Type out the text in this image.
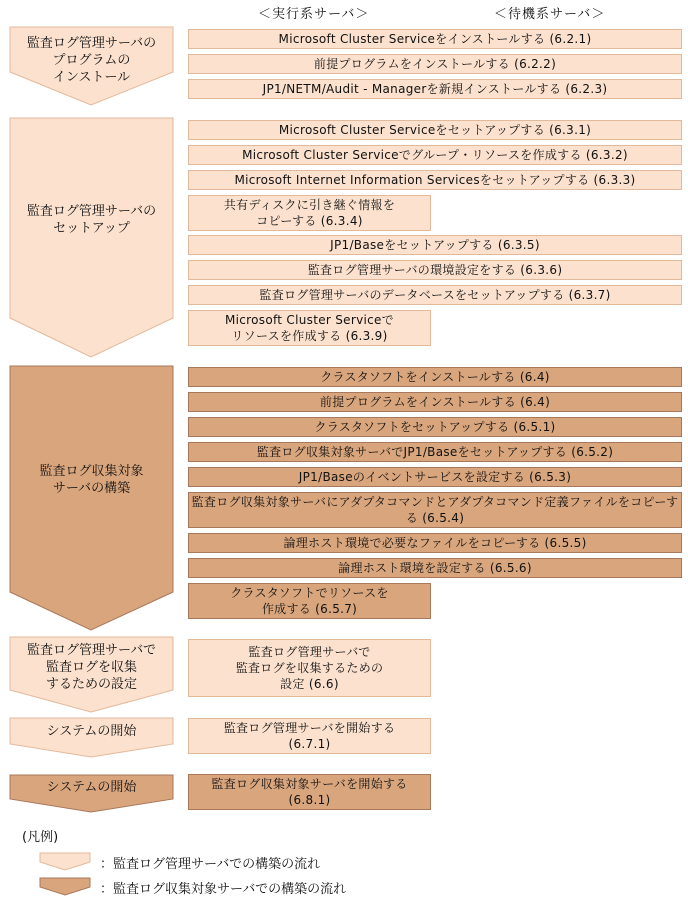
＜実行系サーバ＞	＜待機系サーバ＞
監査ログ管理サーバの
プログラムの
インストール
監査ログ管理サーバの
セットアップ
監査ログ収集対象
サーバの構築
監査ログ管理サーバで
監査ログを収集
するための設定
システムの開始
システムの開始
Microsoft Cluster Serviceをインストールする (6.2.1)
前提プログラムをインストールする (6.2.2)
JP1/NETM/Audit - Managerを新規インストールする (6.2.3)
Microsoft Cluster Serviceをセットアップする (6.3.1)
Microsoft Cluster Serviceでグループ・リソースを作成する (6.3.2)
Microsoft Internet Information Servicesをセットアップする (6.3.3)
共有ディスクに引き継ぐ情報を
コピーする (6.3.4)
JP1/Baseをセットアップする (6.3.5)
監査ログ管理サーバの環境設定をする (6.3.6)
監査ログ管理サーバのデータベースをセットアップする (6.3.7)
Microsoft Cluster Serviceで
リソースを作成する (6.3.9)
クラスタソフトをインストールする (6.4)
前提プログラムをインストールする (6.4)
クラスタソフトをセットアップする (6.5.1)
監査ログ収集対象サーバでJP1/Baseをセットアップする (6.5.2)
JP1/Baseのイベントサービスを設定する (6.5.3)
監査ログ収集対象サーバにアダプタコマンドとアダプタコマンド定義ファイルをコピーする (6.5.4)
論理ホスト環境で必要なファイルをコピーする (6.5.5)
論理ホスト環境を設定する (6.5.6)
クラスタソフトでリソースを
作成する (6.5.7)
監査ログ管理サーバで
監査ログを収集するための
設定 (6.6)
監査ログ管理サーバを開始する
(6.7.1)
監査ログ収集対象サーバを開始する
(6.8.1)
(凡例)
：監査ログ管理サーバでの構築の流れ
：監査ログ収集対象サーバでの構築の流れ
